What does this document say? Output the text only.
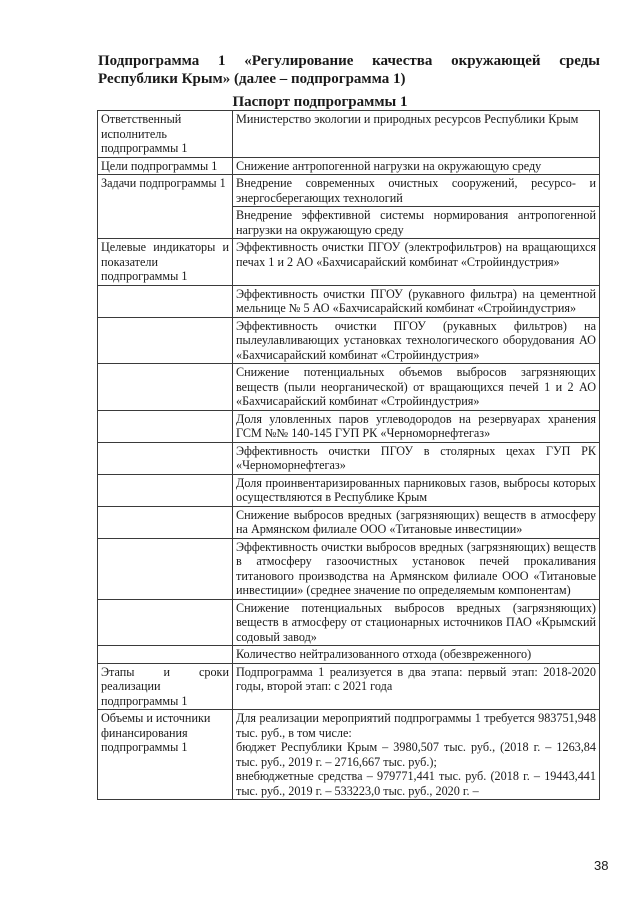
Подпрограмма 1 «Регулирование качества окружающей среды Республики Крым» (далее – подпрограмма 1)
Паспорт подпрограммы 1
Ответственный исполнитель подпрограммы 1	Министерство экологии и природных ресурсов Республики Крым
Цели подпрограммы 1	Снижение антропогенной нагрузки на окружающую среду
Задачи подпрограммы 1	Внедрение современных очистных сооружений, ресурсо- и энергосберегающих технологий
	Внедрение эффективной системы нормирования антропогенной нагрузки на окружающую среду
Целевые индикаторы и показатели подпрограммы 1	Эффективность очистки ПГОУ (электрофильтров) на вращающихся печах 1 и 2 АО «Бахчисарайский комбинат «Стройиндустрия»
	Эффективность очистки ПГОУ (рукавного фильтра) на цементной мельнице № 5 АО «Бахчисарайский комбинат «Стройиндустрия»
	Эффективность очистки ПГОУ (рукавных фильтров) на пылеулавливающих установках технологического оборудования АО «Бахчисарайский комбинат «Стройиндустрия»
	Снижение потенциальных объемов выбросов загрязняющих веществ (пыли неорганической) от вращающихся печей 1 и 2 АО «Бахчисарайский комбинат «Стройиндустрия»
	Доля уловленных паров углеводородов на резервуарах хранения ГСМ №№ 140-145 ГУП РК «Черноморнефтегаз»
	Эффективность очистки ПГОУ в столярных цехах ГУП РК «Черноморнефтегаз»
	Доля проинвентаризированных парниковых газов, выбросы которых осуществляются в Республике Крым
	Снижение выбросов вредных (загрязняющих) веществ в атмосферу на Армянском филиале ООО «Титановые инвестиции»
	Эффективность очистки выбросов вредных (загрязняющих) веществ в атмосферу газоочистных установок печей прокаливания титанового производства на Армянском филиале ООО «Титановые инвестиции» (среднее значение по определяемым компонентам)
	Снижение потенциальных выбросов вредных (загрязняющих) веществ в атмосферу от стационарных источников ПАО «Крымский содовый завод»
	Количество нейтрализованного отхода (обезвреженного)
Этапы и сроки реализации подпрограммы 1	Подпрограмма 1 реализуется в два этапа: первый этап: 2018-2020 годы, второй этап: с 2021 года
Объемы и источники финансирования подпрограммы 1	Для реализации мероприятий подпрограммы 1 требуется 983751,948 тыс. руб., в том числе:
бюджет Республики Крым – 3980,507 тыс. руб., (2018 г. – 1263,84 тыс. руб., 2019 г. – 2716,667 тыс. руб.);
внебюджетные средства – 979771,441 тыс. руб. (2018 г. – 19443,441 тыс. руб., 2019 г. – 533223,0 тыс. руб., 2020 г. –
38
